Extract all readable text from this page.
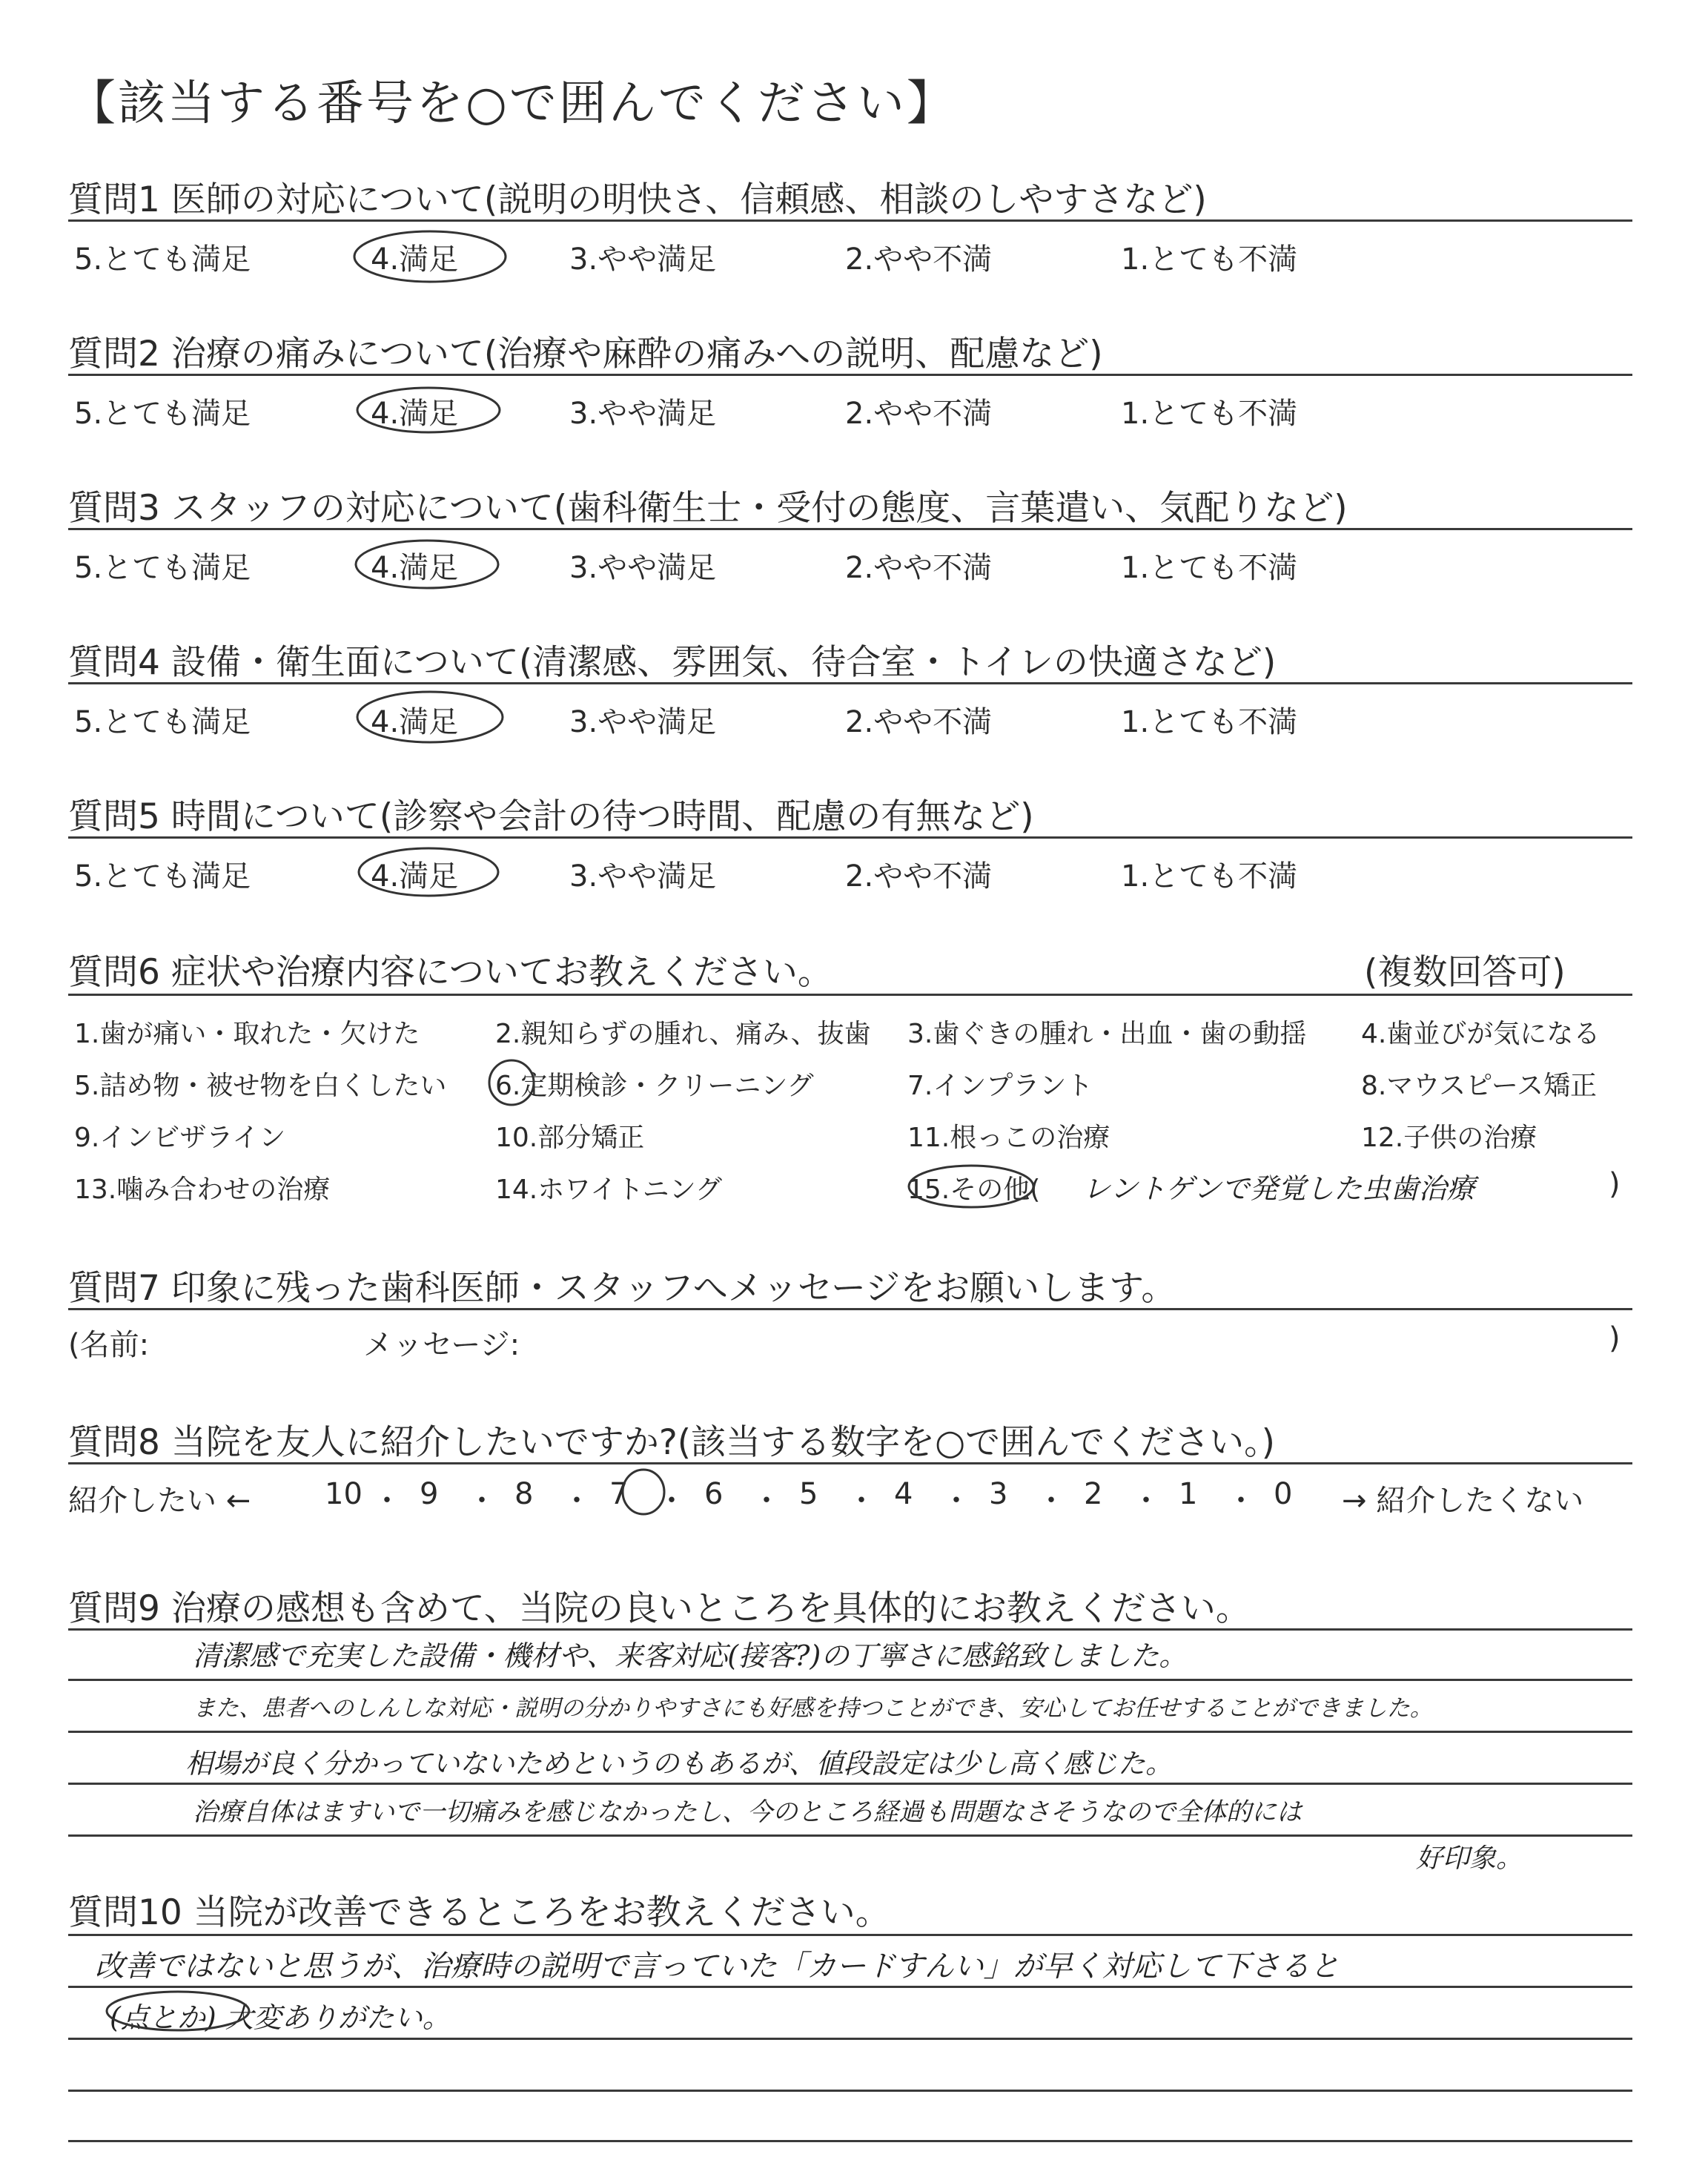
【該当する番号を○で囲んでください】
質問1 医師の対応について(説明の明快さ、信頼感、相談のしやすさなど)
5.とても満足	4.満足	3.やや満足	2.やや不満	1.とても不満
質問2 治療の痛みについて(治療や麻酔の痛みへの説明、配慮など)
5.とても満足	4.満足	3.やや満足	2.やや不満	1.とても不満
質問3 スタッフの対応について(歯科衛生士・受付の態度、言葉遣い、気配りなど)
5.とても満足	4.満足	3.やや満足	2.やや不満	1.とても不満
質問4 設備・衛生面について(清潔感、雰囲気、待合室・トイレの快適さなど)
5.とても満足	4.満足	3.やや満足	2.やや不満	1.とても不満
質問5 時間について(診察や会計の待つ時間、配慮の有無など)
5.とても満足	4.満足	3.やや満足	2.やや不満	1.とても不満
質問6 症状や治療内容についてお教えください。	(複数回答可)
1.歯が痛い・取れた・欠けた	2.親知らずの腫れ、痛み、抜歯 3.歯ぐきの腫れ・出血・歯の動揺 4.歯並びが気になる
5.詰め物・被せ物を白くしたい 6.定期検診・クリーニング	7.インプラント	8.マウスピース矯正
9.インビザライン	10.部分矯正	11.根っこの治療	12.子供の治療
13.噛み合わせの治療	14.ホワイトニング	15.その他( レントゲンで発覚した虫歯治療	)
質問7 印象に残った歯科医師・スタッフへメッセージをお願いします。
(名前:	メッセージ:	)
質問8 当院を友人に紹介したいですか?(該当する数字を○で囲んでください。)
紹介したい ←	→ 紹介したくない
10 ・ 9 ・ 8 ・ 7 ・ 6 ・ 5 ・ 4 ・ 3 ・ 2 ・ 1 ・ 0
質問9 治療の感想も含めて、当院の良いところを具体的にお教えください。
清潔感で充実した設備・機材や、来客対応(接客?)の丁寧さに感銘致しました。
また、患者へのしんしな対応・説明の分かりやすさにも好感を持つことができ、安心してお任せすることができました。
相場が良く分かっていないためというのもあるが、値段設定は少し高く感じた。
治療自体はますいで一切痛みを感じなかったし、今のところ経過も問題なさそうなので全体的には
好印象。
質問10 当院が改善できるところをお教えください。
改善ではないと思うが、治療時の説明で言っていた「カードすんい」が早く対応して下さると
(点とか) 大変ありがたい。
